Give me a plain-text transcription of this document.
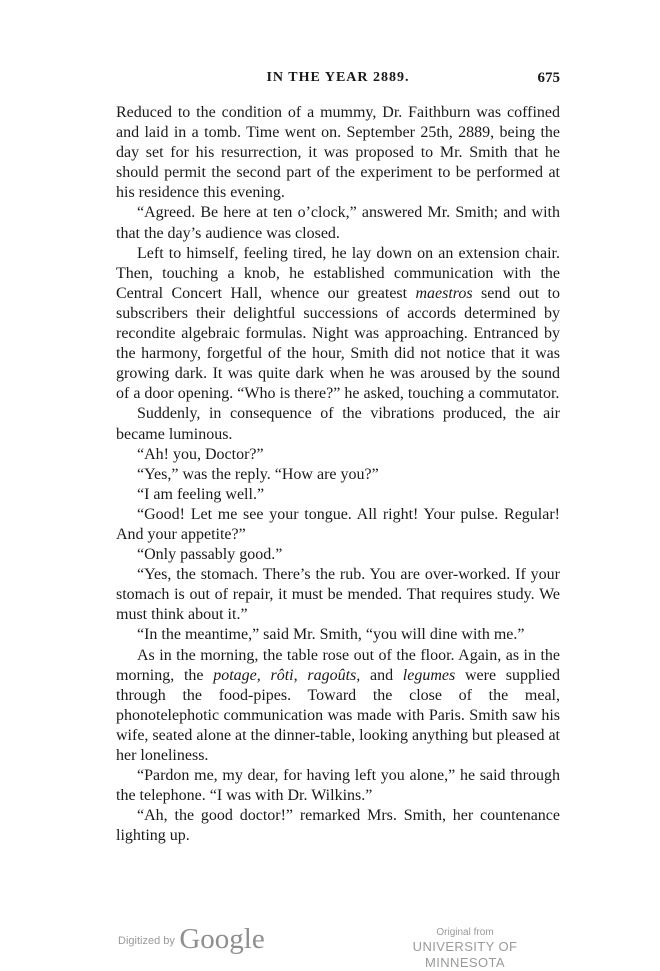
IN THE YEAR 2889.	675

Reduced to the condition of a mummy, Dr. Faithburn was coffined and laid in a tomb. Time went on. September 25th, 2889, being the day set for his resurrection, it was proposed to Mr. Smith that he should permit the second part of the experiment to be performed at his residence this evening.

“Agreed. Be here at ten o’clock,” answered Mr. Smith; and with that the day’s audience was closed.

Left to himself, feeling tired, he lay down on an extension chair. Then, touching a knob, he established communication with the Central Concert Hall, whence our greatest maestros send out to subscribers their delightful successions of accords determined by recondite algebraic formulas. Night was approaching. Entranced by the harmony, forgetful of the hour, Smith did not notice that it was growing dark. It was quite dark when he was aroused by the sound of a door opening. “Who is there?” he asked, touching a commutator.

Suddenly, in consequence of the vibrations produced, the air became luminous.

“Ah! you, Doctor?”

“Yes,” was the reply. “How are you?”

“I am feeling well.”

“Good! Let me see your tongue. All right! Your pulse. Regular! And your appetite?”

“Only passably good.”

“Yes, the stomach. There’s the rub. You are over-worked. If your stomach is out of repair, it must be mended. That requires study. We must think about it.”

“In the meantime,” said Mr. Smith, “you will dine with me.”

As in the morning, the table rose out of the floor. Again, as in the morning, the potage, rôti, ragoûts, and legumes were supplied through the food-pipes. Toward the close of the meal, phonotelephotic communication was made with Paris. Smith saw his wife, seated alone at the dinner-table, looking anything but pleased at her loneliness.

“Pardon me, my dear, for having left you alone,” he said through the telephone. “I was with Dr. Wilkins.”

“Ah, the good doctor!” remarked Mrs. Smith, her countenance lighting up.

Digitized by Google	Original from
UNIVERSITY OF MINNESOTA
